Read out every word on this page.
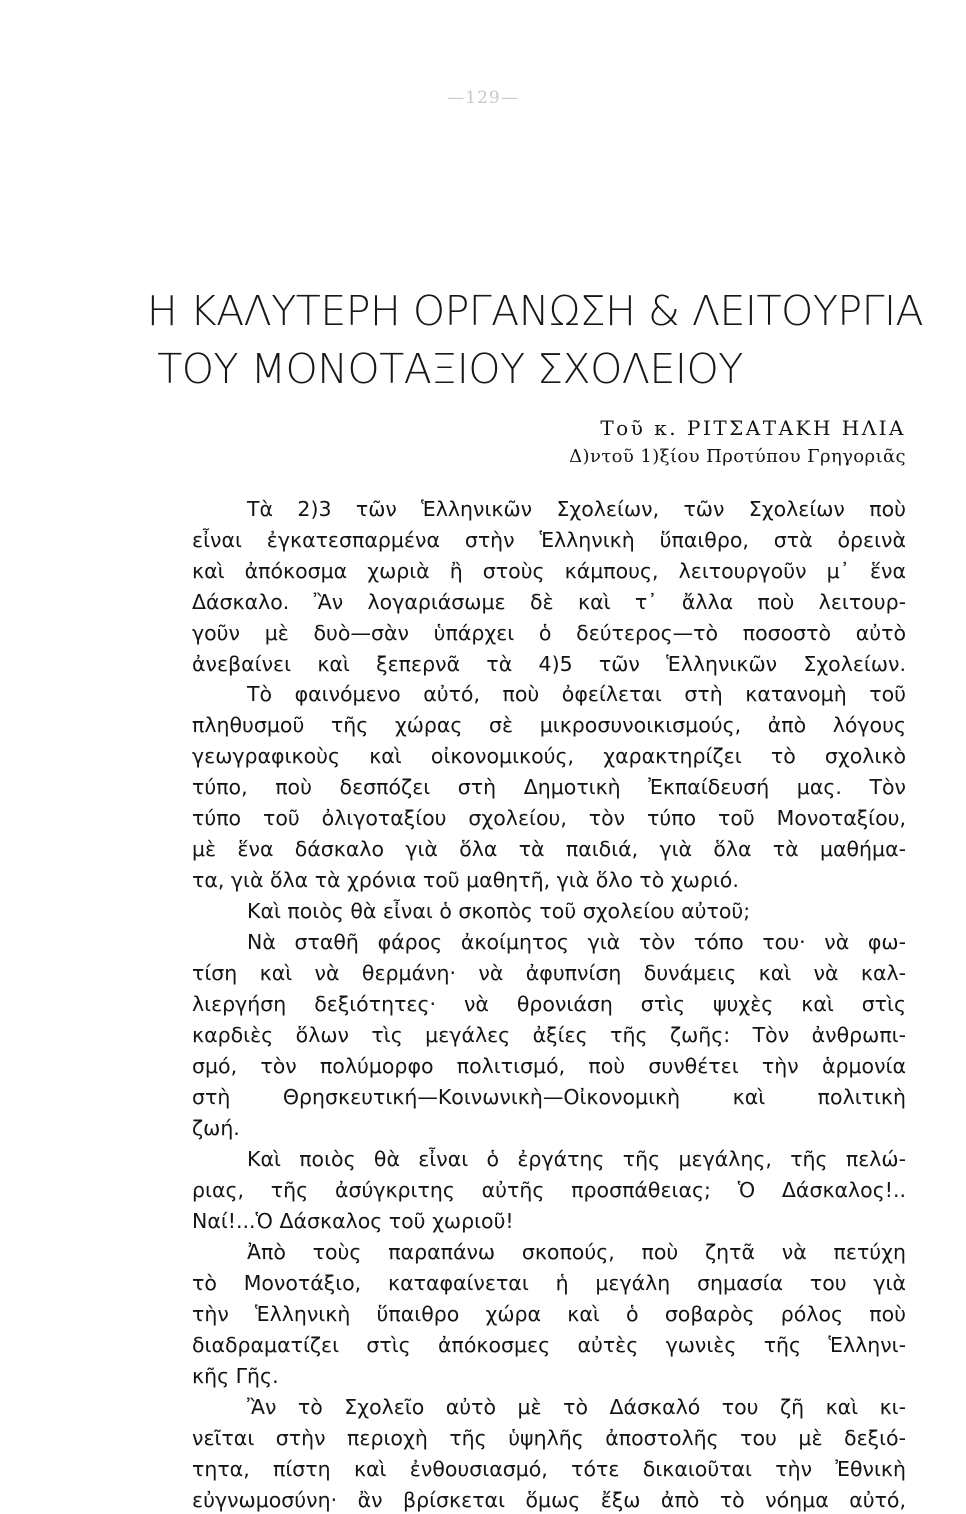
—129—
Η ΚΑΛΥΤΕΡΗ ΟΡΓΑΝΩΣΗ & ΛΕΙΤΟΥΡΓΙΑ
ΤΟΥ ΜΟΝΟΤΑΞΙΟΥ ΣΧΟΛΕΙΟΥ
Τοῦ κ. ΡΙΤΣΑΤΑΚΗ ΗΛΙΑ
Δ)ντοῦ 1)ξίου Προτύπου Γρηγοριᾶς
Τὰ 2)3 τῶν Ἑλληνικῶν Σχολείων, τῶν Σχολείων ποὺ
εἶναι ἐγκατεσπαρμένα στὴν Ἑλληνικὴ ὕπαιθρο, στὰ ὀρεινὰ
καὶ ἀπόκοσμα χωριὰ ἢ στοὺς κάμπους, λειτουργοῦν μ᾽ ἕνα
Δάσκαλο. Ἂν λογαριάσωμε δὲ καὶ τ᾽ ἄλλα ποὺ λειτουρ-
γοῦν μὲ δυὸ—σὰν ὑπάρχει ὁ δεύτερος—τὸ ποσοστὸ αὐτὸ
ἀνεβαίνει καὶ ξεπερνᾶ τὰ 4)5 τῶν Ἑλληνικῶν Σχολείων.
Τὸ φαινόμενο αὐτό, ποὺ ὀφείλεται στὴ κατανομὴ τοῦ
πληθυσμοῦ τῆς χώρας σὲ μικροσυνοικισμούς, ἀπὸ λόγους
γεωγραφικοὺς καὶ οἰκονομικούς, χαρακτηρίζει τὸ σχολικὸ
τύπο, ποὺ δεσπόζει στὴ Δημοτικὴ Ἐκπαίδευσή μας. Τὸν
τύπο τοῦ ὀλιγοταξίου σχολείου, τὸν τύπο τοῦ Μονοταξίου,
μὲ ἕνα δάσκαλο γιὰ ὅλα τὰ παιδιά, γιὰ ὅλα τὰ μαθήμα-
τα, γιὰ ὅλα τὰ χρόνια τοῦ μαθητῆ, γιὰ ὅλο τὸ χωριό.
Καὶ ποιὸς θὰ εἶναι ὁ σκοπὸς τοῦ σχολείου αὐτοῦ;
Νὰ σταθῆ φάρος ἀκοίμητος γιὰ τὸν τόπο του· νὰ φω-
τίση καὶ νὰ θερμάνη· νὰ ἀφυπνίση δυνάμεις καὶ νὰ καλ-
λιεργήση δεξιότητες· νὰ θρονιάση στὶς ψυχὲς καὶ στὶς
καρδιὲς ὅλων τὶς μεγάλες ἀξίες τῆς ζωῆς: Τὸν ἀνθρωπι-
σμό, τὸν πολύμορφο πολιτισμό, ποὺ συνθέτει τὴν ἁρμονία
στὴ Θρησκευτική—Κοινωνικὴ—Οἰκονομικὴ καὶ πολιτικὴ
ζωή.
Καὶ ποιὸς θὰ εἶναι ὁ ἐργάτης τῆς μεγάλης, τῆς πελώ-
ριας, τῆς ἀσύγκριτης αὐτῆς προσπάθειας; Ὁ Δάσκαλος!..
Ναί!...Ὁ Δάσκαλος τοῦ χωριοῦ!
Ἀπὸ τοὺς παραπάνω σκοπούς, ποὺ ζητᾶ νὰ πετύχη
τὸ Μονοτάξιο, καταφαίνεται ἡ μεγάλη σημασία του γιὰ
τὴν Ἑλληνικὴ ὕπαιθρο χώρα καὶ ὁ σοβαρὸς ρόλος ποὺ
διαδραματίζει στὶς ἀπόκοσμες αὐτὲς γωνιὲς τῆς Ἑλληνι-
κῆς Γῆς.
Ἂν τὸ Σχολεῖο αὐτὸ μὲ τὸ Δάσκαλό του ζῆ καὶ κι-
νεῖται στὴν περιοχὴ τῆς ὑψηλῆς ἀποστολῆς του μὲ δεξιό-
τητα, πίστη καὶ ἐνθουσιασμό, τότε δικαιοῦται τὴν Ἐθνικὴ
εὐγνωμοσύνη· ἂν βρίσκεται ὅμως ἔξω ἀπὸ τὸ νόημα αὐτό,
